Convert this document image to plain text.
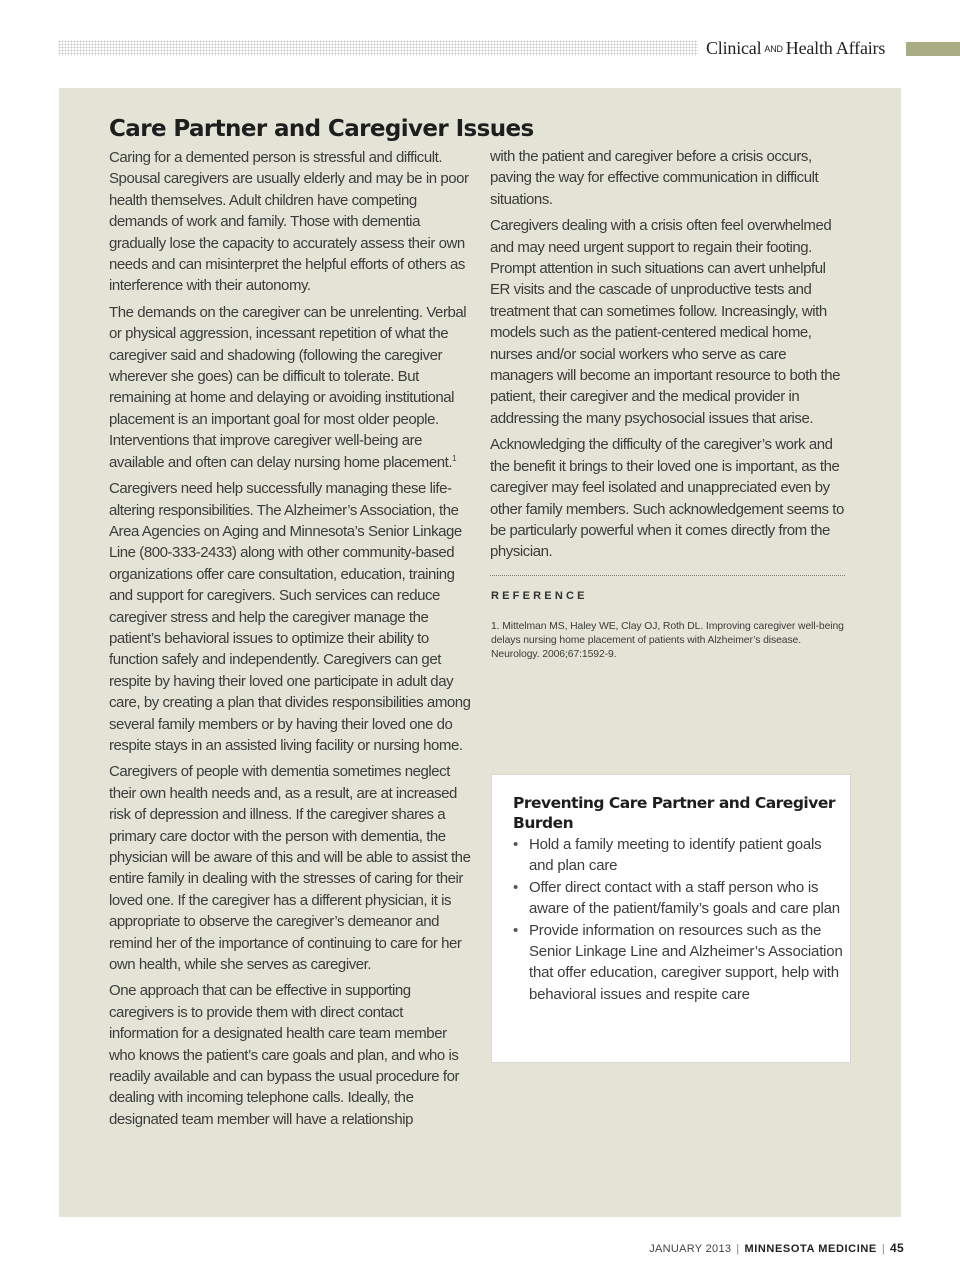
Clinical AND Health Affairs
Care Partner and Caregiver Issues

Caring for a demented person is stressful and difficult. Spousal caregivers are usually elderly and may be in poor health themselves. Adult children have competing demands of work and family. Those with dementia gradually lose the capacity to accurately assess their own needs and can misinterpret the helpful efforts of others as interference with their autonomy.

The demands on the caregiver can be unrelenting. Verbal or physical aggression, incessant repetition of what the caregiver said and shadowing (following the caregiver wherever she goes) can be difficult to tolerate. But remaining at home and delaying or avoiding institutional placement is an important goal for most older people. Interventions that improve caregiver well-being are available and often can delay nursing home placement.$^1$

Caregivers need help successfully managing these life-altering responsibilities. The Alzheimer’s Association, the Area Agencies on Aging and Minnesota’s Senior Linkage Line (800-333-2433) along with other community-based organizations offer care consultation, education, training and support for caregivers. Such services can reduce caregiver stress and help the caregiver manage the patient’s behavioral issues to optimize their ability to function safely and independently. Caregivers can get respite by having their loved one participate in adult day care, by creating a plan that divides responsibilities among several family members or by having their loved one do respite stays in an assisted living facility or nursing home.

Caregivers of people with dementia sometimes neglect their own health needs and, as a result, are at increased risk of depression and illness. If the caregiver shares a primary care doctor with the person with dementia, the physician will be aware of this and will be able to assist the entire family in dealing with the stresses of caring for their loved one. If the caregiver has a different physician, it is appropriate to observe the caregiver’s demeanor and remind her of the importance of continuing to care for her own health, while she serves as caregiver.

One approach that can be effective in supporting caregivers is to provide them with direct contact information for a designated health care team member who knows the patient’s care goals and plan, and who is readily available and can bypass the usual procedure for dealing with incoming telephone calls. Ideally, the designated team member will have a relationship

with the patient and caregiver before a crisis occurs, paving the way for effective communication in difficult situations.

Caregivers dealing with a crisis often feel overwhelmed and may need urgent support to regain their footing. Prompt attention in such situations can avert unhelpful ER visits and the cascade of unproductive tests and treatment that can sometimes follow. Increasingly, with models such as the patient-centered medical home, nurses and/or social workers who serve as care managers will become an important resource to both the patient, their caregiver and the medical provider in addressing the many psychosocial issues that arise.

Acknowledging the difficulty of the caregiver’s work and the benefit it brings to their loved one is important, as the caregiver may feel isolated and unappreciated even by other family members. Such acknowledgement seems to be particularly powerful when it comes directly from the physician.

REFERENCE
1. Mittelman MS, Haley WE, Clay OJ, Roth DL. Improving caregiver well-being delays nursing home placement of patients with Alzheimer’s disease. Neurology. 2006;67:1592-9.
Preventing Care Partner and Caregiver Burden
• Hold a family meeting to identify patient goals and plan care
• Offer direct contact with a staff person who is aware of the patient/family’s goals and care plan
• Provide information on resources such as the Senior Linkage Line and Alzheimer’s Association that offer education, caregiver support, help with behavioral issues and respite care
JANUARY 2013 | MINNESOTA MEDICINE | 45
